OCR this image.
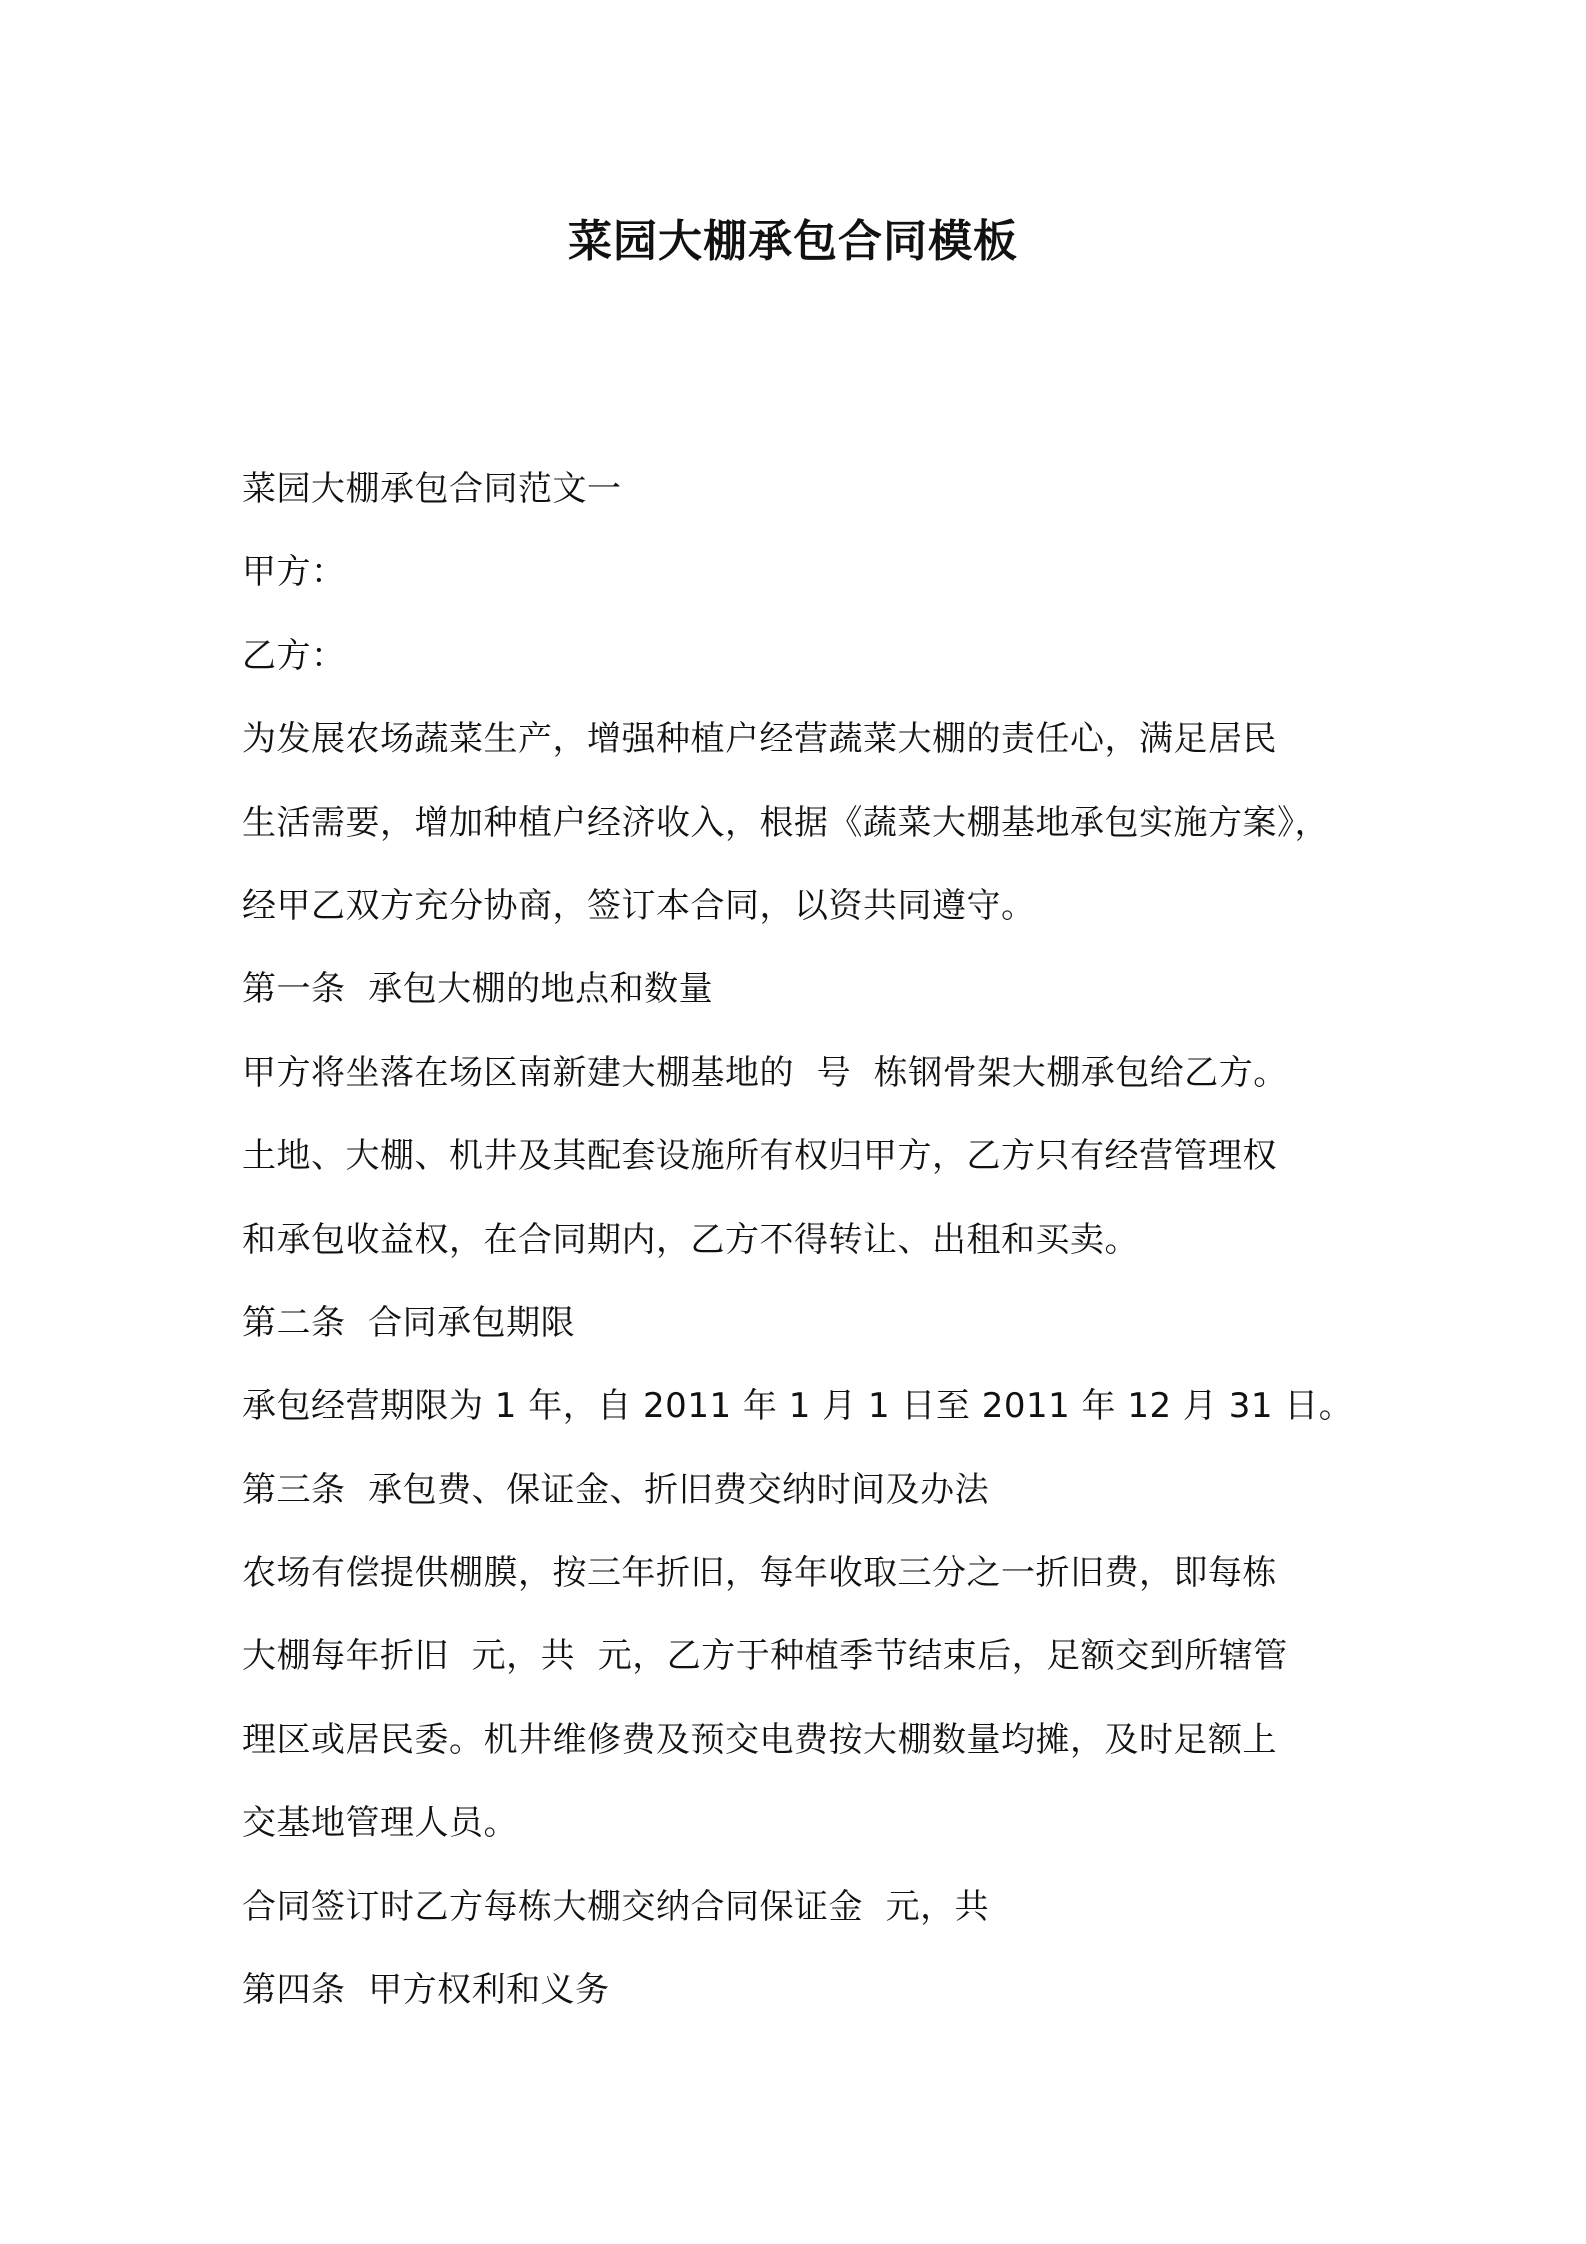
菜园大棚承包合同模板
菜园大棚承包合同范文一
甲方：
乙方：
为发展农场蔬菜生产，增强种植户经营蔬菜大棚的责任心，满足居民
生活需要，增加种植户经济收入，根据《蔬菜大棚基地承包实施方案》，
经甲乙双方充分协商，签订本合同，以资共同遵守。
第一条  承包大棚的地点和数量
甲方将坐落在场区南新建大棚基地的  号  栋钢骨架大棚承包给乙方。
土地、大棚、机井及其配套设施所有权归甲方，乙方只有经营管理权
和承包收益权，在合同期内，乙方不得转让、出租和买卖。
第二条  合同承包期限
承包经营期限为 1 年，自 2011 年 1 月 1 日至 2011 年 12 月 31 日。
第三条  承包费、保证金、折旧费交纳时间及办法
农场有偿提供棚膜，按三年折旧，每年收取三分之一折旧费，即每栋
大棚每年折旧  元，共  元，乙方于种植季节结束后，足额交到所辖管
理区或居民委。机井维修费及预交电费按大棚数量均摊，及时足额上
交基地管理人员。
合同签订时乙方每栋大棚交纳合同保证金  元，共
第四条  甲方权利和义务
